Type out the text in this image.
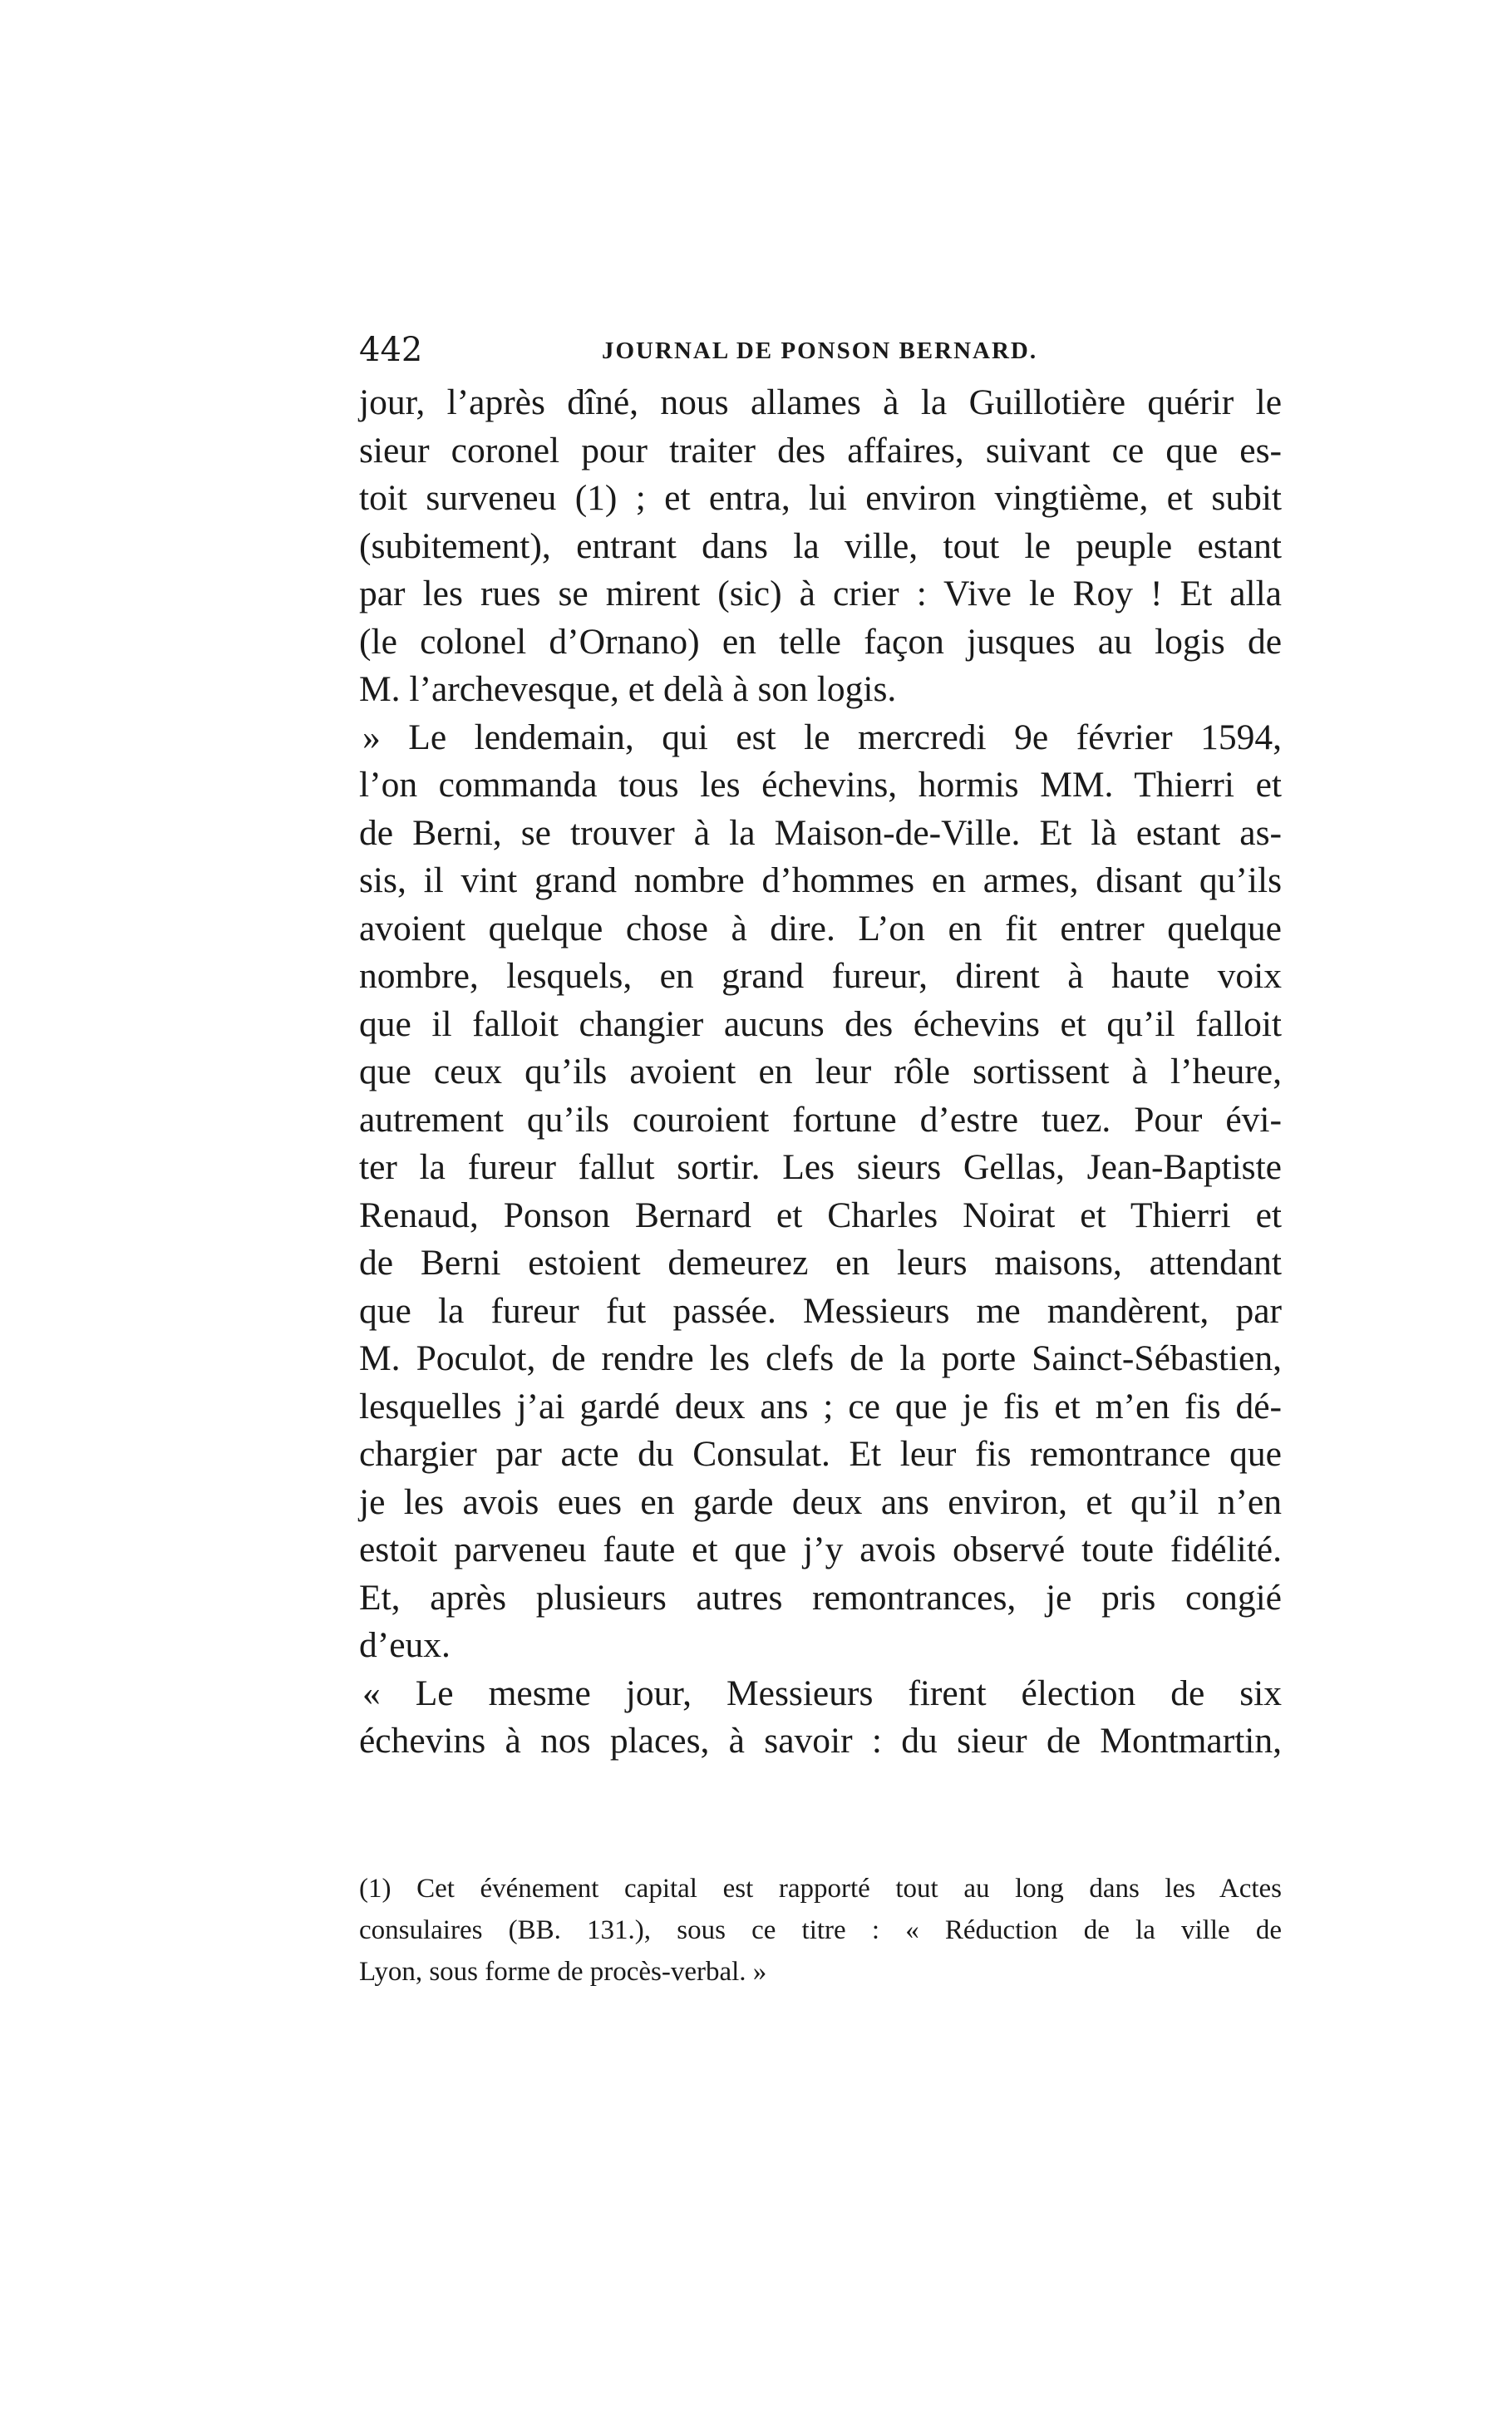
442	JOURNAL DE PONSON BERNARD.
jour, l’après dîné, nous allames à la Guillotière quérir le
sieur coronel pour traiter des affaires, suivant ce que es-
toit surveneu (1) ; et entra, lui environ vingtième, et subit
(subitement), entrant dans la ville, tout le peuple estant
par les rues se mirent (sic) à crier : Vive le Roy ! Et alla
(le colonel d’Ornano) en telle façon jusques au logis de
M. l’archevesque, et delà à son logis.
» Le lendemain, qui est le mercredi 9e février 1594,
l’on commanda tous les échevins, hormis MM. Thierri et
de Berni, se trouver à la Maison-de-Ville. Et là estant as-
sis, il vint grand nombre d’hommes en armes, disant qu’ils
avoient quelque chose à dire. L’on en fit entrer quelque
nombre, lesquels, en grand fureur, dirent à haute voix
que il falloit changier aucuns des échevins et qu’il falloit
que ceux qu’ils avoient en leur rôle sortissent à l’heure,
autrement qu’ils couroient fortune d’estre tuez. Pour évi-
ter la fureur fallut sortir. Les sieurs Gellas, Jean-Baptiste
Renaud, Ponson Bernard et Charles Noirat et Thierri et
de Berni estoient demeurez en leurs maisons, attendant
que la fureur fut passée. Messieurs me mandèrent, par
M. Poculot, de rendre les clefs de la porte Sainct-Sébastien,
lesquelles j’ai gardé deux ans ; ce que je fis et m’en fis dé-
chargier par acte du Consulat. Et leur fis remontrance que
je les avois eues en garde deux ans environ, et qu’il n’en
estoit parveneu faute et que j’y avois observé toute fidélité.
Et, après plusieurs autres remontrances, je pris congié
d’eux.
« Le mesme jour, Messieurs firent élection de six
échevins à nos places, à savoir : du sieur de Montmartin,
(1) Cet événement capital est rapporté tout au long dans les Actes
consulaires (BB. 131.), sous ce titre : « Réduction de la ville de
Lyon, sous forme de procès-verbal. »
